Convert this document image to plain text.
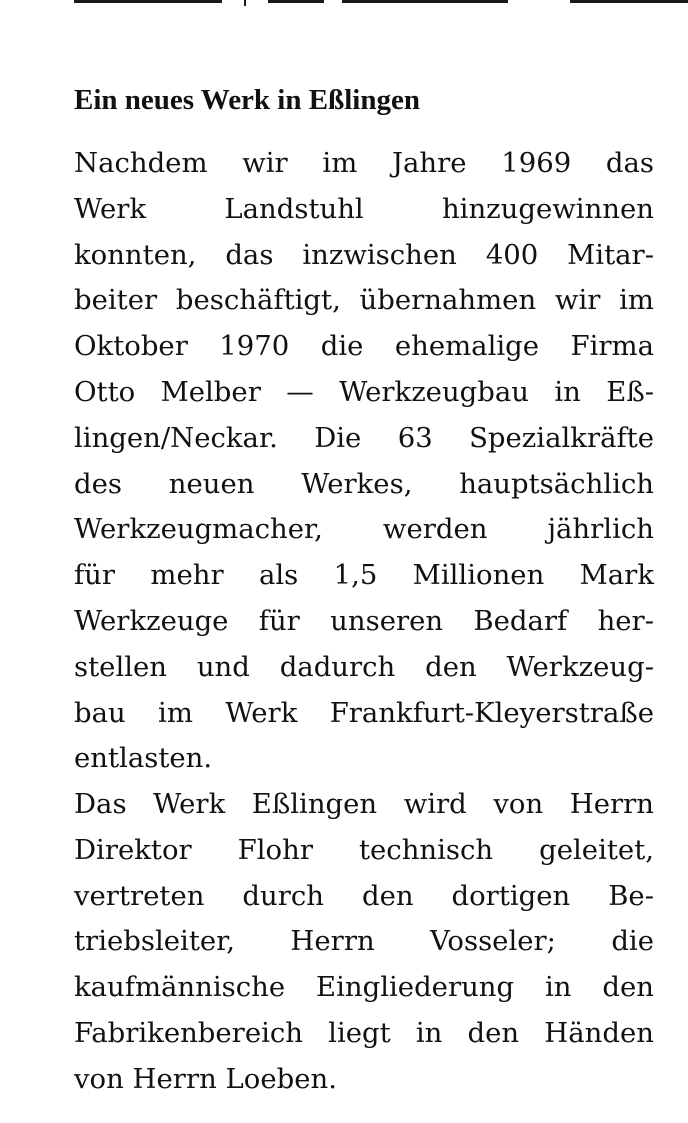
Ein neues Werk in Eßlingen
Nachdem wir im Jahre 1969 das
Werk Landstuhl hinzugewinnen
konnten, das inzwischen 400 Mitar-
beiter beschäftigt, übernahmen wir im
Oktober 1970 die ehemalige Firma
Otto Melber — Werkzeugbau in Eß-
lingen/Neckar. Die 63 Spezialkräfte
des neuen Werkes, hauptsächlich
Werkzeugmacher, werden jährlich
für mehr als 1,5 Millionen Mark
Werkzeuge für unseren Bedarf her-
stellen und dadurch den Werkzeug-
bau im Werk Frankfurt-Kleyerstraße
entlasten.
Das Werk Eßlingen wird von Herrn
Direktor Flohr technisch geleitet,
vertreten durch den dortigen Be-
triebsleiter, Herrn Vosseler; die
kaufmännische Eingliederung in den
Fabrikenbereich liegt in den Händen
von Herrn Loeben.
